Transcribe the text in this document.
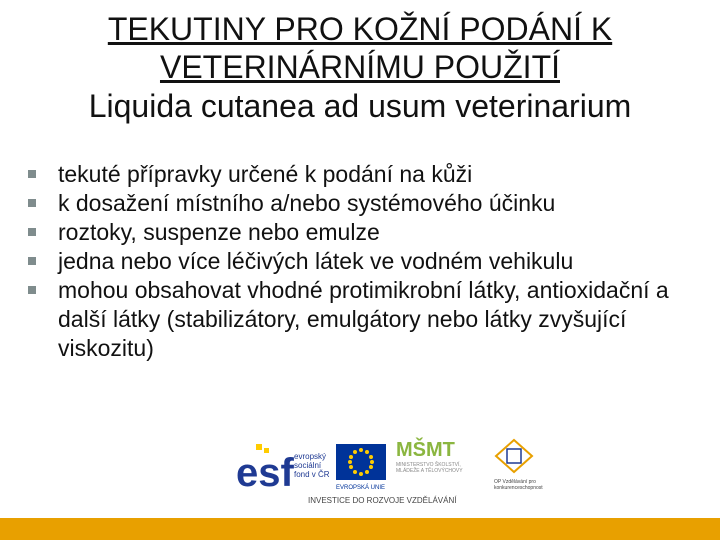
TEKUTINY PRO KOŽNÍ PODÁNÍ K

VETERINÁRNÍMU POUŽITÍ

Liquida cutanea ad usum veterinarium

tekuté přípravky určené k podání na kůži
k dosažení místního a/nebo systémového účinku
roztoky, suspenze nebo emulze
jedna nebo více léčivých látek ve vodném vehikulu
mohou obsahovat vhodné protimikrobní látky, antioxidační a další látky (stabilizátory, emulgátory nebo látky zvyšující viskozitu)
esf evropský sociální fond v ČR
EVROPSKÁ UNIE
MŠMT
MINISTERSTVO ŠKOLSTVÍ, MLÁDEŽE A TĚLOVÝCHOVY
OP Vzdělávání pro konkurenceschopnost
INVESTICE DO ROZVOJE VZDĚLÁVÁNÍ
